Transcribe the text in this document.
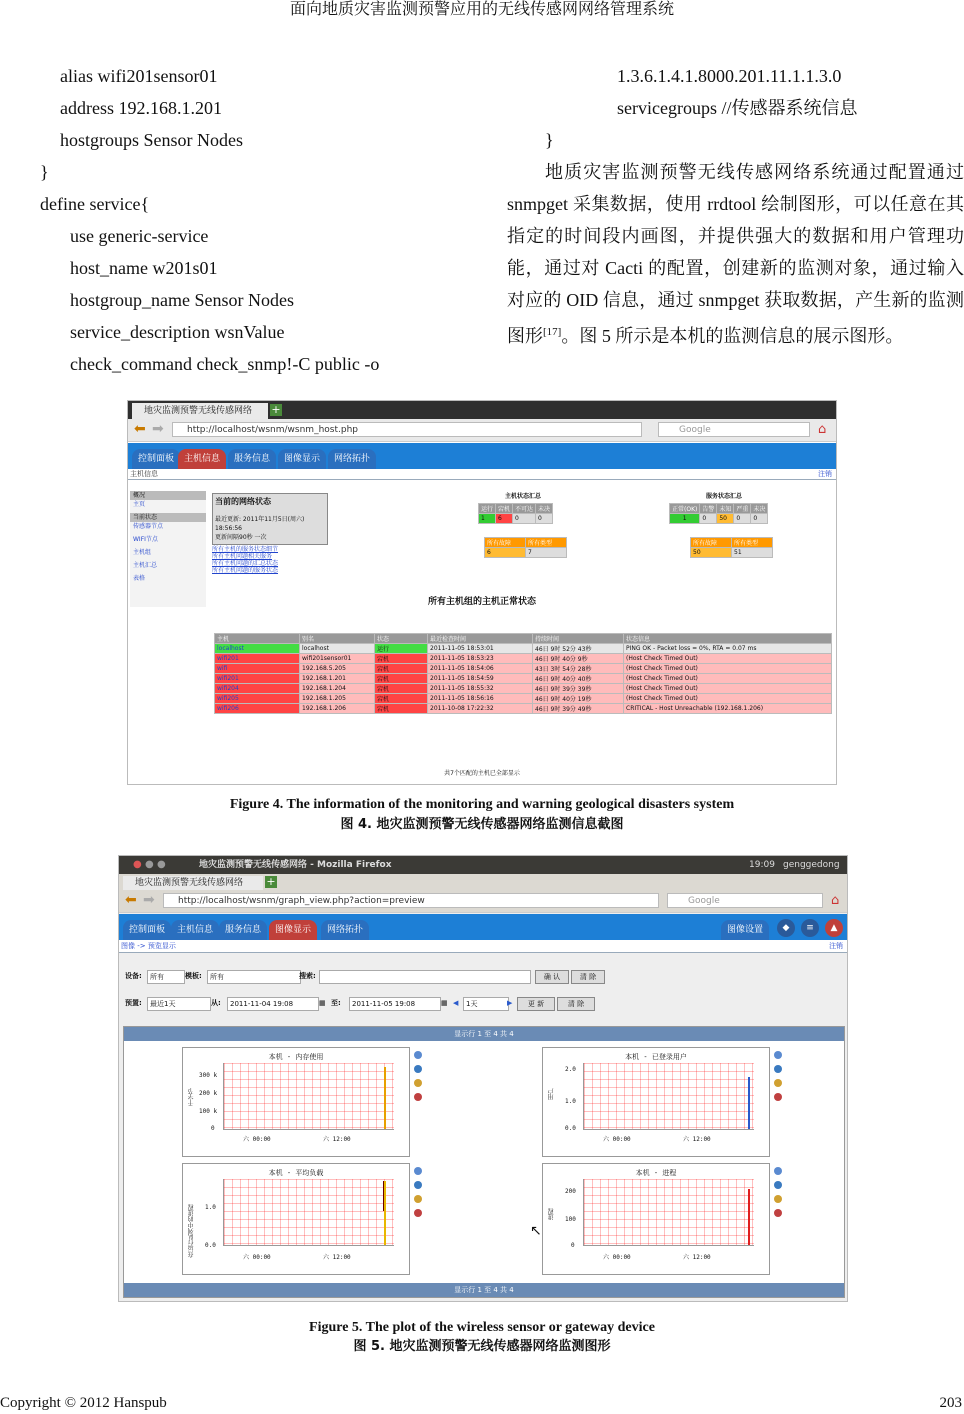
面向地质灾害监测预警应用的无线传感网网络管理系统
alias wifi201sensor01
address 192.168.1.201
hostgroups Sensor Nodes
}
define service{
use generic-service
host_name w201s01
hostgroup_name Sensor Nodes
service_description wsnValue
check_command check_snmp!-C public -o
1.3.6.1.4.1.8000.201.11.1.1.3.0
servicegroups //传感器系统信息
}
地质灾害监测预警无线传感网络系统通过配置通过 snmpget 采集数据，使用 rrdtool 绘制图形，可以任意在其指定的时间段内画图，并提供强大的数据和用户管理功能，通过对 Cacti 的配置，创建新的监测对象，通过输入对应的 OID 信息，通过 snmpget 获取数据，产生新的监测图形[17]。图 5 所示是本机的监测信息的展示图形。
地灾监测预警无线传感网络	+
⬅ ➡	http://localhost/wsnm/wsnm_host.php	Google	⌂
控制面板	主机信息	服务信息	图像显示	网络拓扑
主机信息	注销
概况
主页
当前状态
传感器节点
WIFI节点
主机组
主机汇总
表格
当前的网络状态
最近更新: 2011年11月5日(周六) 18:56:56
更新间隔90秒 一次
所有主机的服务状态细节
所有主机问题相关服务
所有主机问题的汇总状态
所有主机问题的服务状态
主机状态汇总
运行	宕机	不可达	未决
1	6	0	0
所有故障	所有类型
6	7
服务状态汇总
正常(OK)	告警	未知	严重	未决
1	0	50	0	0
所有故障	所有类型
50	51
所有主机组的主机正常状态
主机	别名	状态	最近检查时间	持续时间	状态信息
localhost	localhost	运行	2011-11-05 18:53:01	46日 9时 52分 43秒	PING OK - Packet loss = 0%, RTA = 0.07 ms
wifi201	wifi201sensor01	宕机	2011-11-05 18:53:23	46日 9时 40分 9秒	(Host Check Timed Out)
wifi	192.168.5.205	宕机	2011-11-05 18:54:06	43日 3时 54分 28秒	(Host Check Timed Out)
wifi201	192.168.1.201	宕机	2011-11-05 18:54:59	46日 9时 40分 40秒	(Host Check Timed Out)
wifi204	192.168.1.204	宕机	2011-11-05 18:55:32	46日 9时 39分 39秒	(Host Check Timed Out)
wifi205	192.168.1.205	宕机	2011-11-05 18:56:16	46日 9时 40分 19秒	(Host Check Timed Out)
wifi206	192.168.1.206	宕机	2011-10-08 17:22:32	46日 9时 39分 49秒	CRITICAL - Host Unreachable (192.168.1.206)
共7个匹配的主机已全部显示
Figure 4. The information of the monitoring and warning geological disasters system
图 4. 地灾监测预警无线传感器网络监测信息截图
● ● ●	地灾监测预警无线传感网络 - Mozilla Firefox	19:09 genggedong
地灾监测预警无线传感网络	+
⬅ ➡	http://localhost/wsnm/graph_view.php?action=preview	Google	⌂
控制面板	主机信息	服务信息	图像显示	网络拓扑	图像设置	◆	≡	▲
图像 -> 预览显示	注销
设备:	所有	模板:	所有	搜索:	确 认	清 除
预置:	最近1天	从:	2011-11-04 19:08	▦ 至:	2011-11-05 19:08	▦ ◀	1天	▶	更 新	清 除
显示行 1 至 4 共 4
显示行 1 至 4 共 4
本机 - 内存使用
千字节
300 k
200 k
100 k
0
六 00:00	六 12:00
本机 - 已登录用户
用户
2.0
1.0
0.0
六 00:00	六 12:00
本机 - 平均负载
在运行队列中的进程 1.0
0.0
六 00:00	六 12:00
本机 - 进程
进程
200
100
0
六 00:00	六 12:00
↖
Figure 5. The plot of the wireless sensor or gateway device
图 5. 地灾监测预警无线传感器网络监测图形
Copyright © 2012 Hanspub	203
